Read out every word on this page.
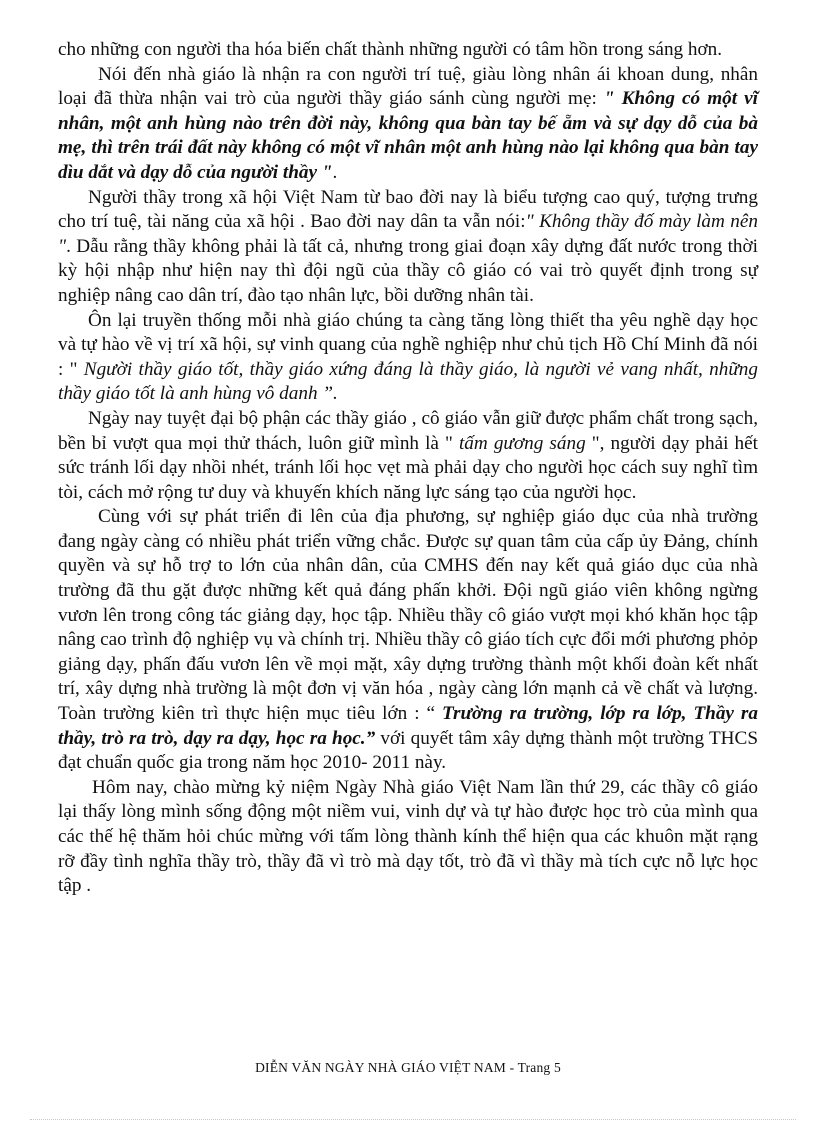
cho những con người tha hóa biến chất thành những người có tâm hồn trong sáng hơn.

Nói đến nhà giáo là nhận ra con người trí tuệ, giàu lòng nhân ái khoan dung, nhân loại đã thừa nhận vai trò của người thầy giáo sánh cùng người mẹ: " Không có một vĩ nhân, một anh hùng nào trên đời này, không qua bàn tay bế ẵm và sự dạy dỗ của bà mẹ, thì trên trái đất này không có một vĩ nhân một anh hùng nào lại không qua bàn tay dìu dắt và dạy dỗ của người thầy ".

Người thầy trong xã hội Việt Nam từ bao đời nay là biểu tượng cao quý, tượng trưng cho trí tuệ, tài năng của xã hội . Bao đời nay dân ta vẫn nói:" Không thầy đố mày làm nên ". Dẫu rằng thầy không phải là tất cả, nhưng trong giai đoạn xây dựng đất nước trong thời kỳ hội nhập như hiện nay thì đội ngũ của thầy cô giáo có vai trò quyết định trong sự nghiệp nâng cao dân trí, đào tạo nhân lực, bồi dưỡng nhân tài.

Ôn lại truyền thống mỗi nhà giáo chúng ta càng tăng lòng thiết tha yêu nghề dạy học và tự hào về vị trí xã hội, sự vinh quang của nghề nghiệp như chủ tịch Hồ Chí Minh đã nói : " Người thầy giáo tốt, thầy giáo xứng đáng là thầy giáo, là người vẻ vang nhất, những thầy giáo tốt là anh hùng vô danh ”.

Ngày nay tuyệt đại bộ phận các thầy giáo , cô giáo vẫn giữ được phẩm chất trong sạch, bền bỉ vượt qua mọi thử thách, luôn giữ mình là " tấm gương sáng ", người dạy phải hết sức tránh lối dạy nhồi nhét, tránh lối học vẹt mà phải dạy cho người học cách suy nghĩ tìm tòi, cách mở rộng tư duy và khuyến khích năng lực sáng tạo của người học.

Cùng với sự phát triển đi lên của địa phương, sự nghiệp giáo dục của nhà trường đang ngày càng có nhiều phát triển vững chắc. Được sự quan tâm của cấp ủy Đảng, chính quyền và sự hỗ trợ to lớn của nhân dân, của CMHS đến nay kết quả giáo dục của nhà trường đã thu gặt được những kết quả đáng phấn khởi. Đội ngũ giáo viên không ngừng vươn lên trong công tác giảng dạy, học tập. Nhiều thầy cô giáo vượt mọi khó khăn học tập nâng cao trình độ nghiệp vụ và chính trị. Nhiều thầy cô giáo tích cực đổi mới phương phỏp giảng dạy, phấn đấu vươn lên về mọi mặt, xây dựng trường thành một khối đoàn kết nhất trí, xây dựng nhà trường là một đơn vị văn hóa , ngày càng lớn mạnh cả về chất và lượng. Toàn trường kiên trì thực hiện mục tiêu lớn : “ Trường ra trường, lớp ra lớp, Thầy ra thầy, trò ra trò, dạy ra dạy, học ra học.” với quyết tâm xây dựng thành một trường THCS đạt chuẩn quốc gia trong năm học 2010- 2011 này.

Hôm nay, chào mừng kỷ niệm Ngày Nhà giáo Việt Nam lần thứ 29, các thầy cô giáo lại thấy lòng mình sống động một niềm vui, vinh dự và tự hào được học trò của mình qua các thế hệ thăm hỏi chúc mừng với tấm lòng thành kính thể hiện qua các khuôn mặt rạng rỡ đầy tình nghĩa thầy trò, thầy đã vì trò mà dạy tốt, trò đã vì thầy mà tích cực nỗ lực học tập .

DIỄN VĂN NGÀY NHÀ GIÁO VIỆT NAM - Trang 5
